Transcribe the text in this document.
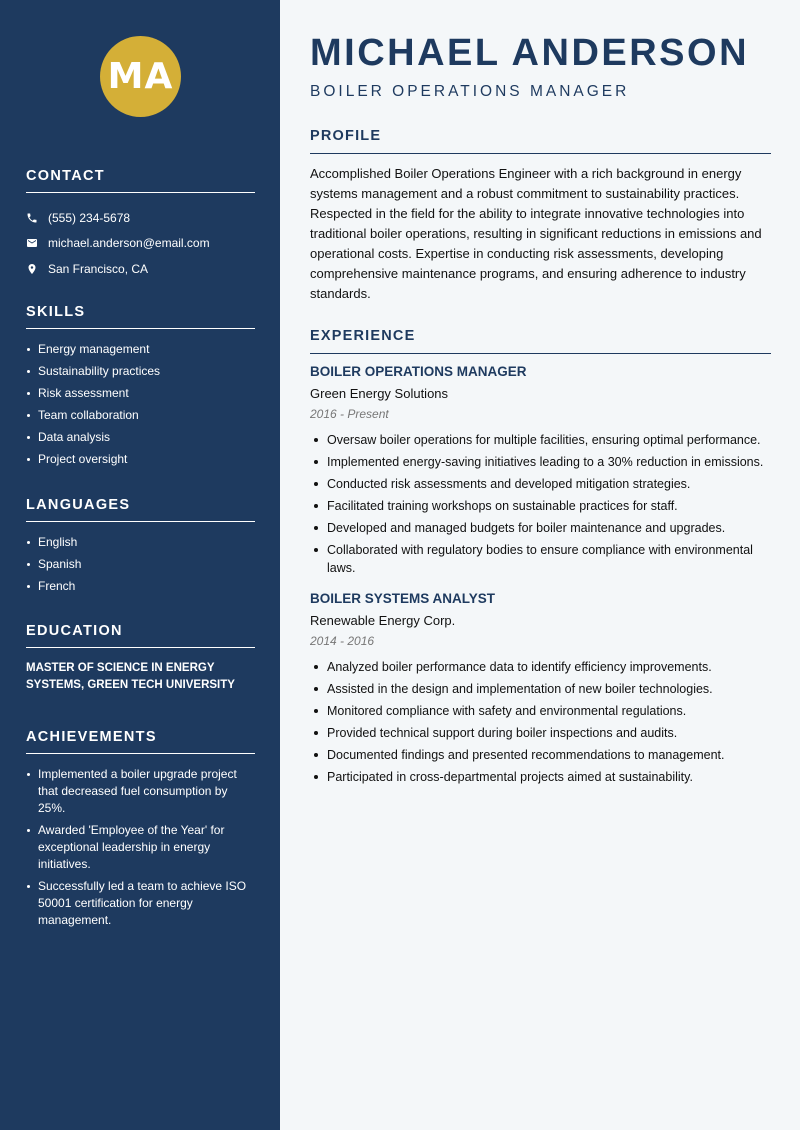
MA
CONTACT
(555) 234-5678
michael.anderson@email.com
San Francisco, CA
SKILLS
Energy management
Sustainability practices
Risk assessment
Team collaboration
Data analysis
Project oversight
LANGUAGES
English
Spanish
French
EDUCATION

MASTER OF SCIENCE IN ENERGY SYSTEMS, GREEN TECH UNIVERSITY

ACHIEVEMENTS
Implemented a boiler upgrade project that decreased fuel consumption by 25%.
Awarded 'Employee of the Year' for exceptional leadership in energy initiatives.
Successfully led a team to achieve ISO 50001 certification for energy management.
MICHAEL ANDERSON
BOILER OPERATIONS MANAGER
PROFILE

Accomplished Boiler Operations Engineer with a rich background in energy systems management and a robust commitment to sustainability practices. Respected in the field for the ability to integrate innovative technologies into traditional boiler operations, resulting in significant reductions in emissions and operational costs. Expertise in conducting risk assessments, developing comprehensive maintenance programs, and ensuring adherence to industry standards.

EXPERIENCE
BOILER OPERATIONS MANAGER
Green Energy Solutions
2016 - Present
Oversaw boiler operations for multiple facilities, ensuring optimal performance.
Implemented energy-saving initiatives leading to a 30% reduction in emissions.
Conducted risk assessments and developed mitigation strategies.
Facilitated training workshops on sustainable practices for staff.
Developed and managed budgets for boiler maintenance and upgrades.
Collaborated with regulatory bodies to ensure compliance with environmental laws.
BOILER SYSTEMS ANALYST
Renewable Energy Corp.
2014 - 2016
Analyzed boiler performance data to identify efficiency improvements.
Assisted in the design and implementation of new boiler technologies.
Monitored compliance with safety and environmental regulations.
Provided technical support during boiler inspections and audits.
Documented findings and presented recommendations to management.
Participated in cross-departmental projects aimed at sustainability.
